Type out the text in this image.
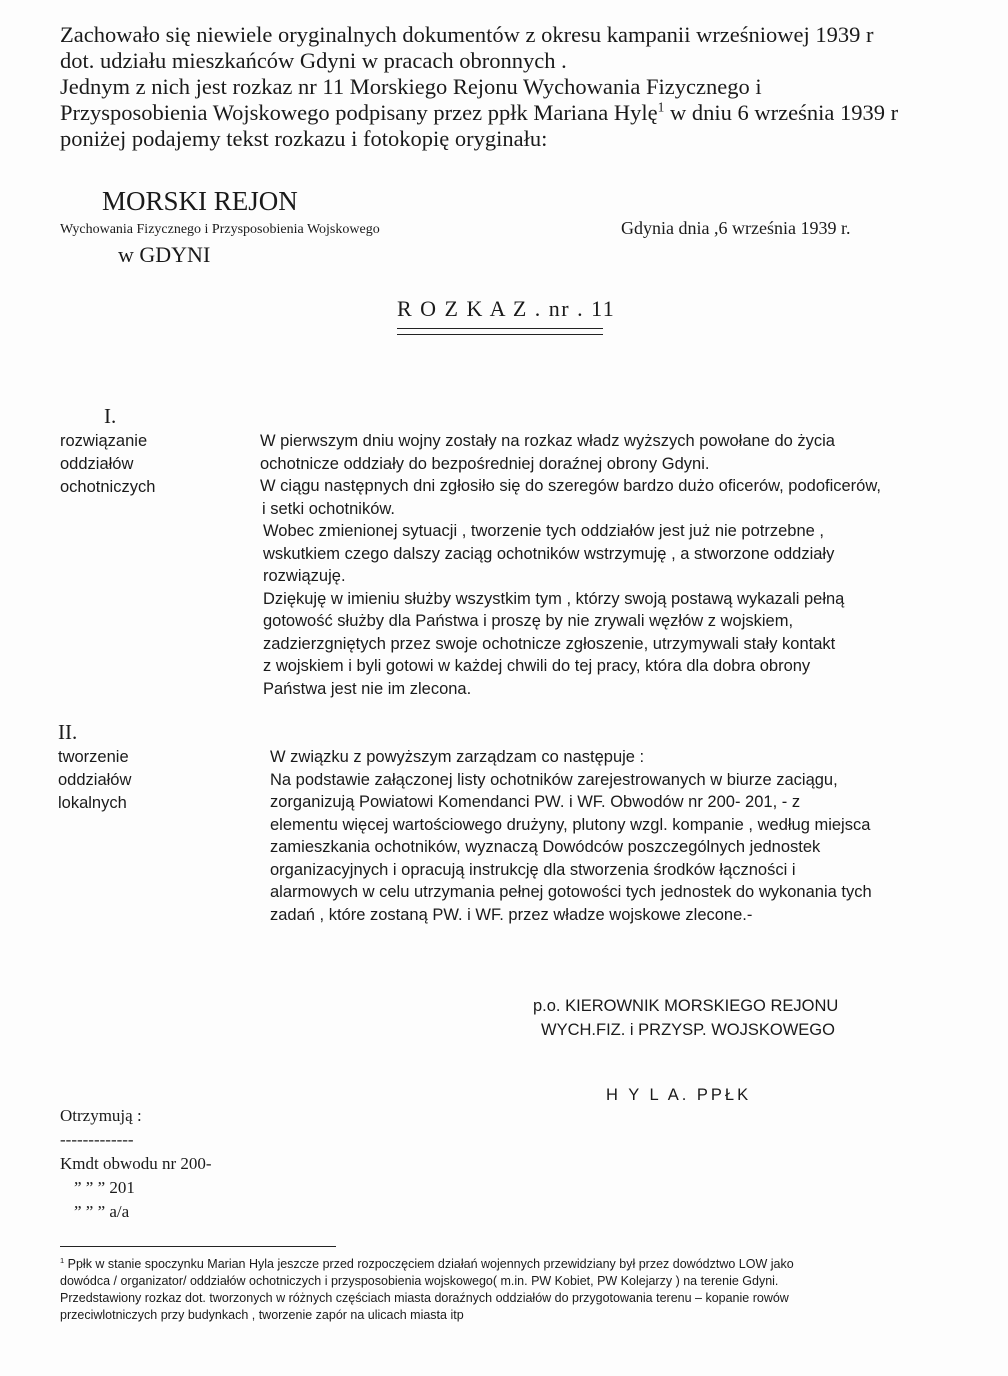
Zachowało się niewiele oryginalnych dokumentów z okresu kampanii wrześniowej 1939 r
dot. udziału mieszkańców Gdyni w pracach obronnych .
Jednym z nich jest rozkaz nr 11 Morskiego Rejonu Wychowania Fizycznego i
Przysposobienia Wojskowego podpisany przez ppłk Mariana Hylę$^1$ w dniu 6 września 1939 r
poniżej podajemy tekst rozkazu i fotokopię oryginału:
MORSKI REJON
Wychowania Fizycznego i Przysposobienia Wojskowego
w GDYNI
Gdynia dnia ,6 września 1939 r.
R O Z K A Z . nr . 11
I.
rozwiązanie
oddziałów
ochotniczych
W pierwszym dniu wojny zostały na rozkaz władz wyższych powołane do życia
ochotnicze oddziały do bezpośredniej doraźnej obrony Gdyni.
W ciągu następnych dni zgłosiło się do szeregów bardzo dużo oficerów, podoficerów,
i setki ochotników.
Wobec zmienionej sytuacji , tworzenie tych oddziałów jest już nie potrzebne ,
wskutkiem czego dalszy zaciąg ochotników wstrzymuję , a stworzone oddziały
rozwiązuję.
Dziękuję w imieniu służby wszystkim tym , którzy swoją postawą wykazali pełną
gotowość służby dla Państwa i proszę by nie zrywali węzłów z wojskiem,
zadzierzgniętych przez swoje ochotnicze zgłoszenie, utrzymywali stały kontakt
z wojskiem i byli gotowi w każdej chwili do tej pracy, która dla dobra obrony
Państwa jest nie im zlecona.
II.
tworzenie
oddziałów
lokalnych
W związku z powyższym zarządzam co następuje :
Na podstawie załączonej listy ochotników zarejestrowanych w biurze zaciągu,
zorganizują Powiatowi Komendanci PW. i WF. Obwodów nr 200- 201, - z
elementu więcej wartościowego drużyny, plutony wzgl. kompanie , według miejsca
zamieszkania ochotników, wyznaczą Dowódców poszczególnych jednostek
organizacyjnych i opracują instrukcję dla stworzenia środków łączności i
alarmowych w celu utrzymania pełnej gotowości tych jednostek do wykonania tych
zadań , które zostaną PW. i WF. przez władze wojskowe zlecone.-
p.o. KIEROWNIK MORSKIEGO REJONU
WYCH.FIZ. i PRZYSP. WOJSKOWEGO
H Y L A. PPŁK
Otrzymują :
-------------
Kmdt obwodu nr 200-
” ” ” 201
” ” ” a/a
$^1$ Ppłk w stanie spoczynku Marian Hyla jeszcze przed rozpoczęciem działań wojennych przewidziany był przez dowództwo LOW jako
dowódca / organizator/ oddziałów ochotniczych i przysposobienia wojskowego( m.in. PW Kobiet, PW Kolejarzy ) na terenie Gdyni.
Przedstawiony rozkaz dot. tworzonych w różnych częściach miasta doraźnych oddziałów do przygotowania terenu – kopanie rowów
przeciwlotniczych przy budynkach , tworzenie zapór na ulicach miasta itp
